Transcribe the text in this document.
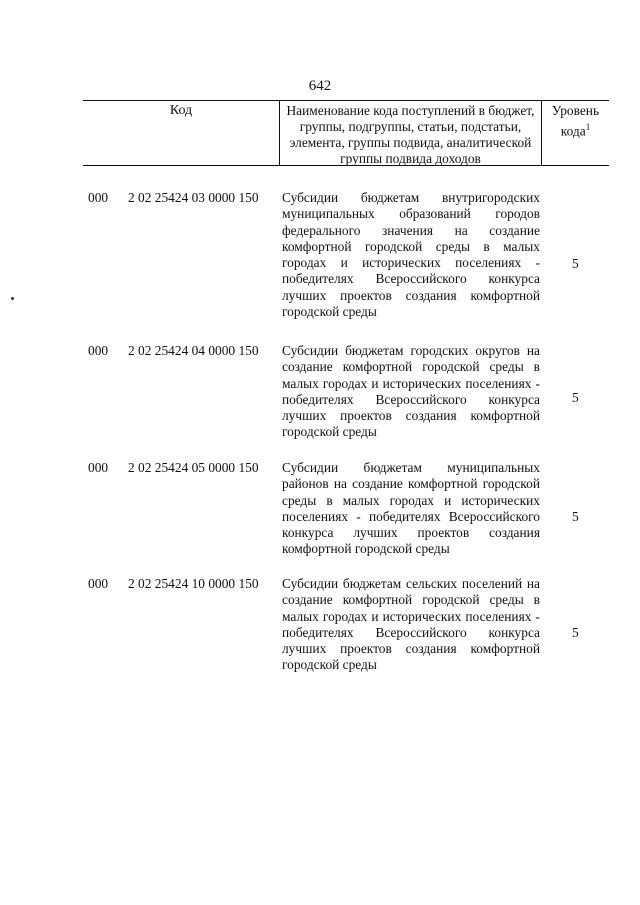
642
Код	Наименование кода поступлений в бюджет, группы, подгруппы, статьи, подстатьи, элемента, группы подвида, аналитической группы подвида доходов
Уровень кода$^1$
000 2 02 25424 03 0000 150 Субсидии бюджетам внутригородских муниципальных образований городов федерального значения на создание комфортной городской среды в малых городах и исторических поселениях - победителях Всероссийского конкурса лучших проектов создания комфортной городской среды
5
000 2 02 25424 04 0000 150 Субсидии бюджетам городских округов на создание комфортной городской среды в малых городах и исторических поселениях - победителях Всероссийского конкурса лучших проектов создания комфортной городской среды
5
000 2 02 25424 05 0000 150 Субсидии бюджетам муниципальных районов на создание комфортной городской среды в малых городах и исторических поселениях - победителях Всероссийского конкурса лучших проектов создания комфортной городской среды
5
000 2 02 25424 10 0000 150 Субсидии бюджетам сельских поселений на создание комфортной городской среды в малых городах и исторических поселениях - победителях Всероссийского конкурса лучших проектов создания комфортной городской среды
5
